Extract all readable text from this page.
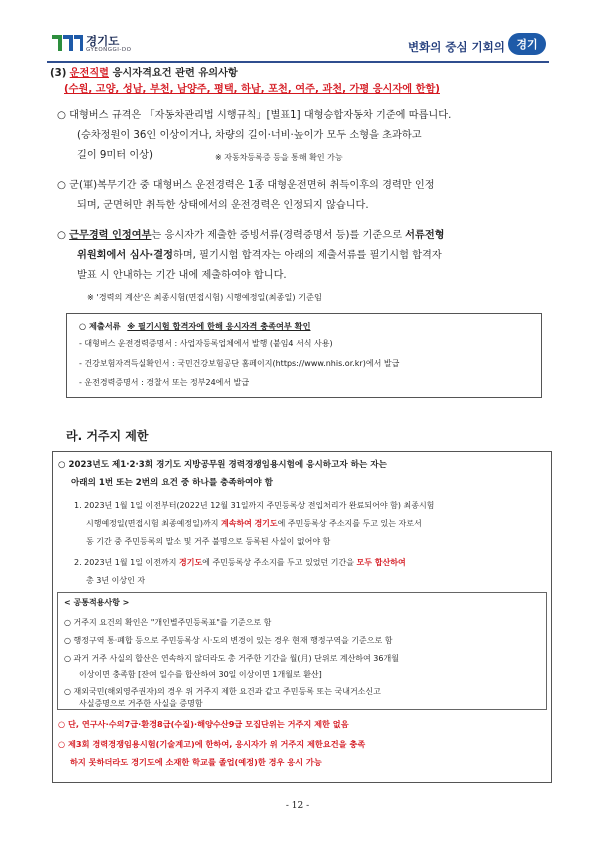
경기도
GYEONGGI-DO	변화의 중심 기회의	경기
(3) 운전직렬 응시자격요건 관련 유의사항
(수원, 고양, 성남, 부천, 남양주, 평택, 하남, 포천, 여주, 과천, 가평 응시자에 한함)
○ 대형버스 규격은 「자동차관리법 시행규칙」[별표1] 대형승합자동차 기준에 따릅니다.
(승차정원이 36인 이상이거나, 차량의 길이·너비·높이가 모두 소형을 초과하고
길이 9미터 이상)	※ 자동차등록증 등을 통해 확인 가능
○ 군(軍)복무기간 중 대형버스 운전경력은 1종 대형운전면허 취득이후의 경력만 인정
되며, 군면허만 취득한 상태에서의 운전경력은 인정되지 않습니다.
○ 근무경력 인정여부는 응시자가 제출한 증빙서류(경력증명서 등)를 기준으로 서류전형
위원회에서 심사·결정하며, 필기시험 합격자는 아래의 제출서류를 필기시험 합격자
발표 시 안내하는 기간 내에 제출하여야 합니다.
※ '경력의 계산'은 최종시험(면접시험) 시행예정일(최종일) 기준임
○ 제출서류 ※ 필기시험 합격자에 한해 응시자격 충족여부 확인
- 대형버스 운전경력증명서 : 사업자등록업체에서 발행 (붙임4 서식 사용)
- 건강보험자격득실확인서 : 국민건강보험공단 홈페이지(https://www.nhis.or.kr)에서 발급
- 운전경력증명서 : 경찰서 또는 정부24에서 발급
라. 거주지 제한
○ 2023년도 제1·2·3회 경기도 지방공무원 경력경쟁임용시험에 응시하고자 하는 자는
아래의 1번 또는 2번의 요건 중 하나를 충족하여야 함
1. 2023년 1월 1일 이전부터(2022년 12월 31일까지 주민등록상 전입처리가 완료되어야 함) 최종시험
시행예정일(면접시험 최종예정일)까지 계속하여 경기도에 주민등록상 주소지를 두고 있는 자로서
동 기간 중 주민등록의 말소 및 거주 불명으로 등록된 사실이 없어야 함
2. 2023년 1월 1일 이전까지 경기도에 주민등록상 주소지를 두고 있었던 기간을 모두 합산하여
총 3년 이상인 자
< 공통적용사항 >
○ 거주지 요건의 확인은 "개인별주민등록표"를 기준으로 함
○ 행정구역 통·폐합 등으로 주민등록상 시·도의 변경이 있는 경우 현재 행정구역을 기준으로 함
○ 과거 거주 사실의 합산은 연속하지 않더라도 총 거주한 기간을 월(月) 단위로 계산하여 36개월
이상이면 충족함 [잔여 일수를 합산하여 30일 이상이면 1개월로 환산]
○ 재외국민(해외영주권자)의 경우 위 거주지 제한 요건과 같고 주민등록 또는 국내거소신고
사실증명으로 거주한 사실을 증명함
○ 단, 연구사·수의7급·환경8급(수질)·해양수산9급 모집단위는 거주지 제한 없음
○ 제3회 경력경쟁임용시험(기술계고)에 한하여, 응시자가 위 거주지 제한요건을 충족
하지 못하더라도 경기도에 소재한 학교를 졸업(예정)한 경우 응시 가능
- 12 -
